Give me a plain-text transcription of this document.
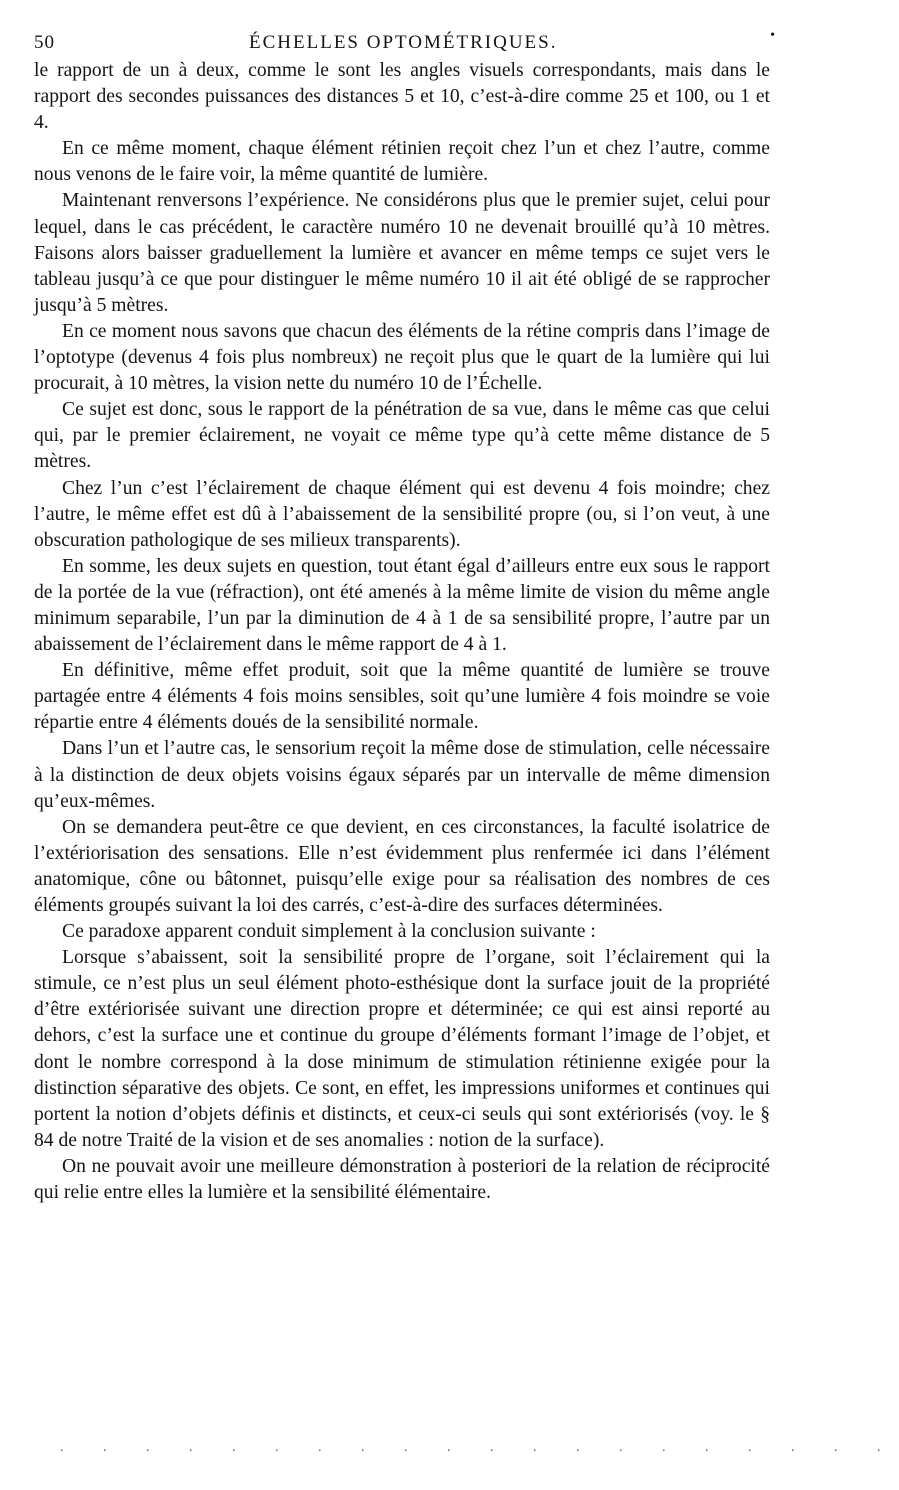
50	ÉCHELLES OPTOMÉTRIQUES.	•

le rapport de un à deux, comme le sont les angles visuels correspondants, mais dans le rapport des secondes puissances des distances 5 et 10, c’est-à-dire comme 25 et 100, ou 1 et 4.

En ce même moment, chaque élément rétinien reçoit chez l’un et chez l’autre, comme nous venons de le faire voir, la même quantité de lumière.

Maintenant renversons l’expérience. Ne considérons plus que le premier sujet, celui pour lequel, dans le cas précédent, le caractère numéro 10 ne devenait brouillé qu’à 10 mètres. Faisons alors baisser graduellement la lumière et avancer en même temps ce sujet vers le tableau jusqu’à ce que pour distinguer le même numéro 10 il ait été obligé de se rapprocher jusqu’à 5 mètres.

En ce moment nous savons que chacun des éléments de la rétine compris dans l’image de l’optotype (devenus 4 fois plus nombreux) ne reçoit plus que le quart de la lumière qui lui procurait, à 10 mètres, la vision nette du numéro 10 de l’Échelle.

Ce sujet est donc, sous le rapport de la pénétration de sa vue, dans le même cas que celui qui, par le premier éclairement, ne voyait ce même type qu’à cette même distance de 5 mètres.

Chez l’un c’est l’éclairement de chaque élément qui est devenu 4 fois moindre; chez l’autre, le même effet est dû à l’abaissement de la sensibilité propre (ou, si l’on veut, à une obscuration pathologique de ses milieux transparents).

En somme, les deux sujets en question, tout étant égal d’ailleurs entre eux sous le rapport de la portée de la vue (réfraction), ont été amenés à la même limite de vision du même angle minimum separabile, l’un par la diminution de 4 à 1 de sa sensibilité propre, l’autre par un abaissement de l’éclairement dans le même rapport de 4 à 1.

En définitive, même effet produit, soit que la même quantité de lumière se trouve partagée entre 4 éléments 4 fois moins sensibles, soit qu’une lumière 4 fois moindre se voie répartie entre 4 éléments doués de la sensibilité normale.

Dans l’un et l’autre cas, le sensorium reçoit la même dose de stimulation, celle nécessaire à la distinction de deux objets voisins égaux séparés par un intervalle de même dimension qu’eux-mêmes.

On se demandera peut-être ce que devient, en ces circonstances, la faculté isolatrice de l’extériorisation des sensations. Elle n’est évidemment plus renfermée ici dans l’élément anatomique, cône ou bâtonnet, puisqu’elle exige pour sa réalisation des nombres de ces éléments groupés suivant la loi des carrés, c’est-à-dire des surfaces déterminées.

Ce paradoxe apparent conduit simplement à la conclusion suivante :

Lorsque s’abaissent, soit la sensibilité propre de l’organe, soit l’éclairement qui la stimule, ce n’est plus un seul élément photo-esthésique dont la surface jouit de la propriété d’être extériorisée suivant une direction propre et déterminée; ce qui est ainsi reporté au dehors, c’est la surface une et continue du groupe d’éléments formant l’image de l’objet, et dont le nombre correspond à la dose minimum de stimulation rétinienne exigée pour la distinction séparative des objets. Ce sont, en effet, les impressions uniformes et continues qui portent la notion d’objets définis et distincts, et ceux-ci seuls qui sont extériorisés (voy. le § 84 de notre Traité de la vision et de ses anomalies : notion de la surface).

On ne pouvait avoir une meilleure démonstration à posteriori de la relation de réciprocité qui relie entre elles la lumière et la sensibilité élémentaire.

. . . . . . . . . . . . . . . . . . . .
